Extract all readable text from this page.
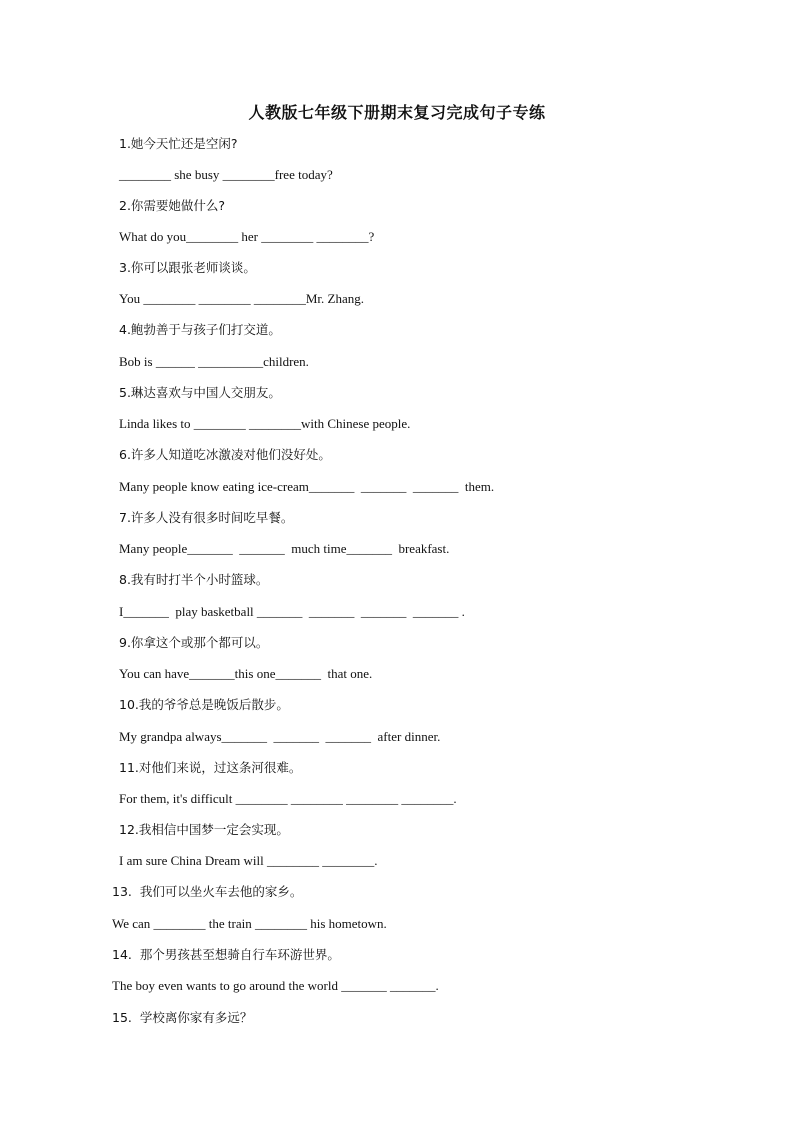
人教版七年级下册期末复习完成句子专练
1.她今天忙还是空闲?
________ she busy ________free today?
2.你需要她做什么?
What do you________ her ________ ________?
3.你可以跟张老师谈谈。
You ________ ________ ________Mr. Zhang.
4.鲍勃善于与孩子们打交道。
Bob is ______ __________children.
5.琳达喜欢与中国人交朋友。
Linda likes to ________ ________with Chinese people.
6.许多人知道吃冰激凌对他们没好处。
Many people know eating ice-cream_______  _______  _______  them.
7.许多人没有很多时间吃早餐。
Many people_______  _______  much time_______  breakfast.
8.我有时打半个小时篮球。
I_______  play basketball _______  _______  _______  _______ .
9.你拿这个或那个都可以。
You can have_______this one_______  that one.
10.我的爷爷总是晚饭后散步。
My grandpa always_______  _______  _______  after dinner.
11.对他们来说，过这条河很难。
For them, it's difficult ________ ________ ________ ________.
12.我相信中国梦一定会实现。
I am sure China Dream will ________ ________.
13.  我们可以坐火车去他的家乡。
We can ________ the train ________ his hometown.
14.  那个男孩甚至想骑自行车环游世界。
The boy even wants to go around the world _______ _______.
15.  学校离你家有多远？
